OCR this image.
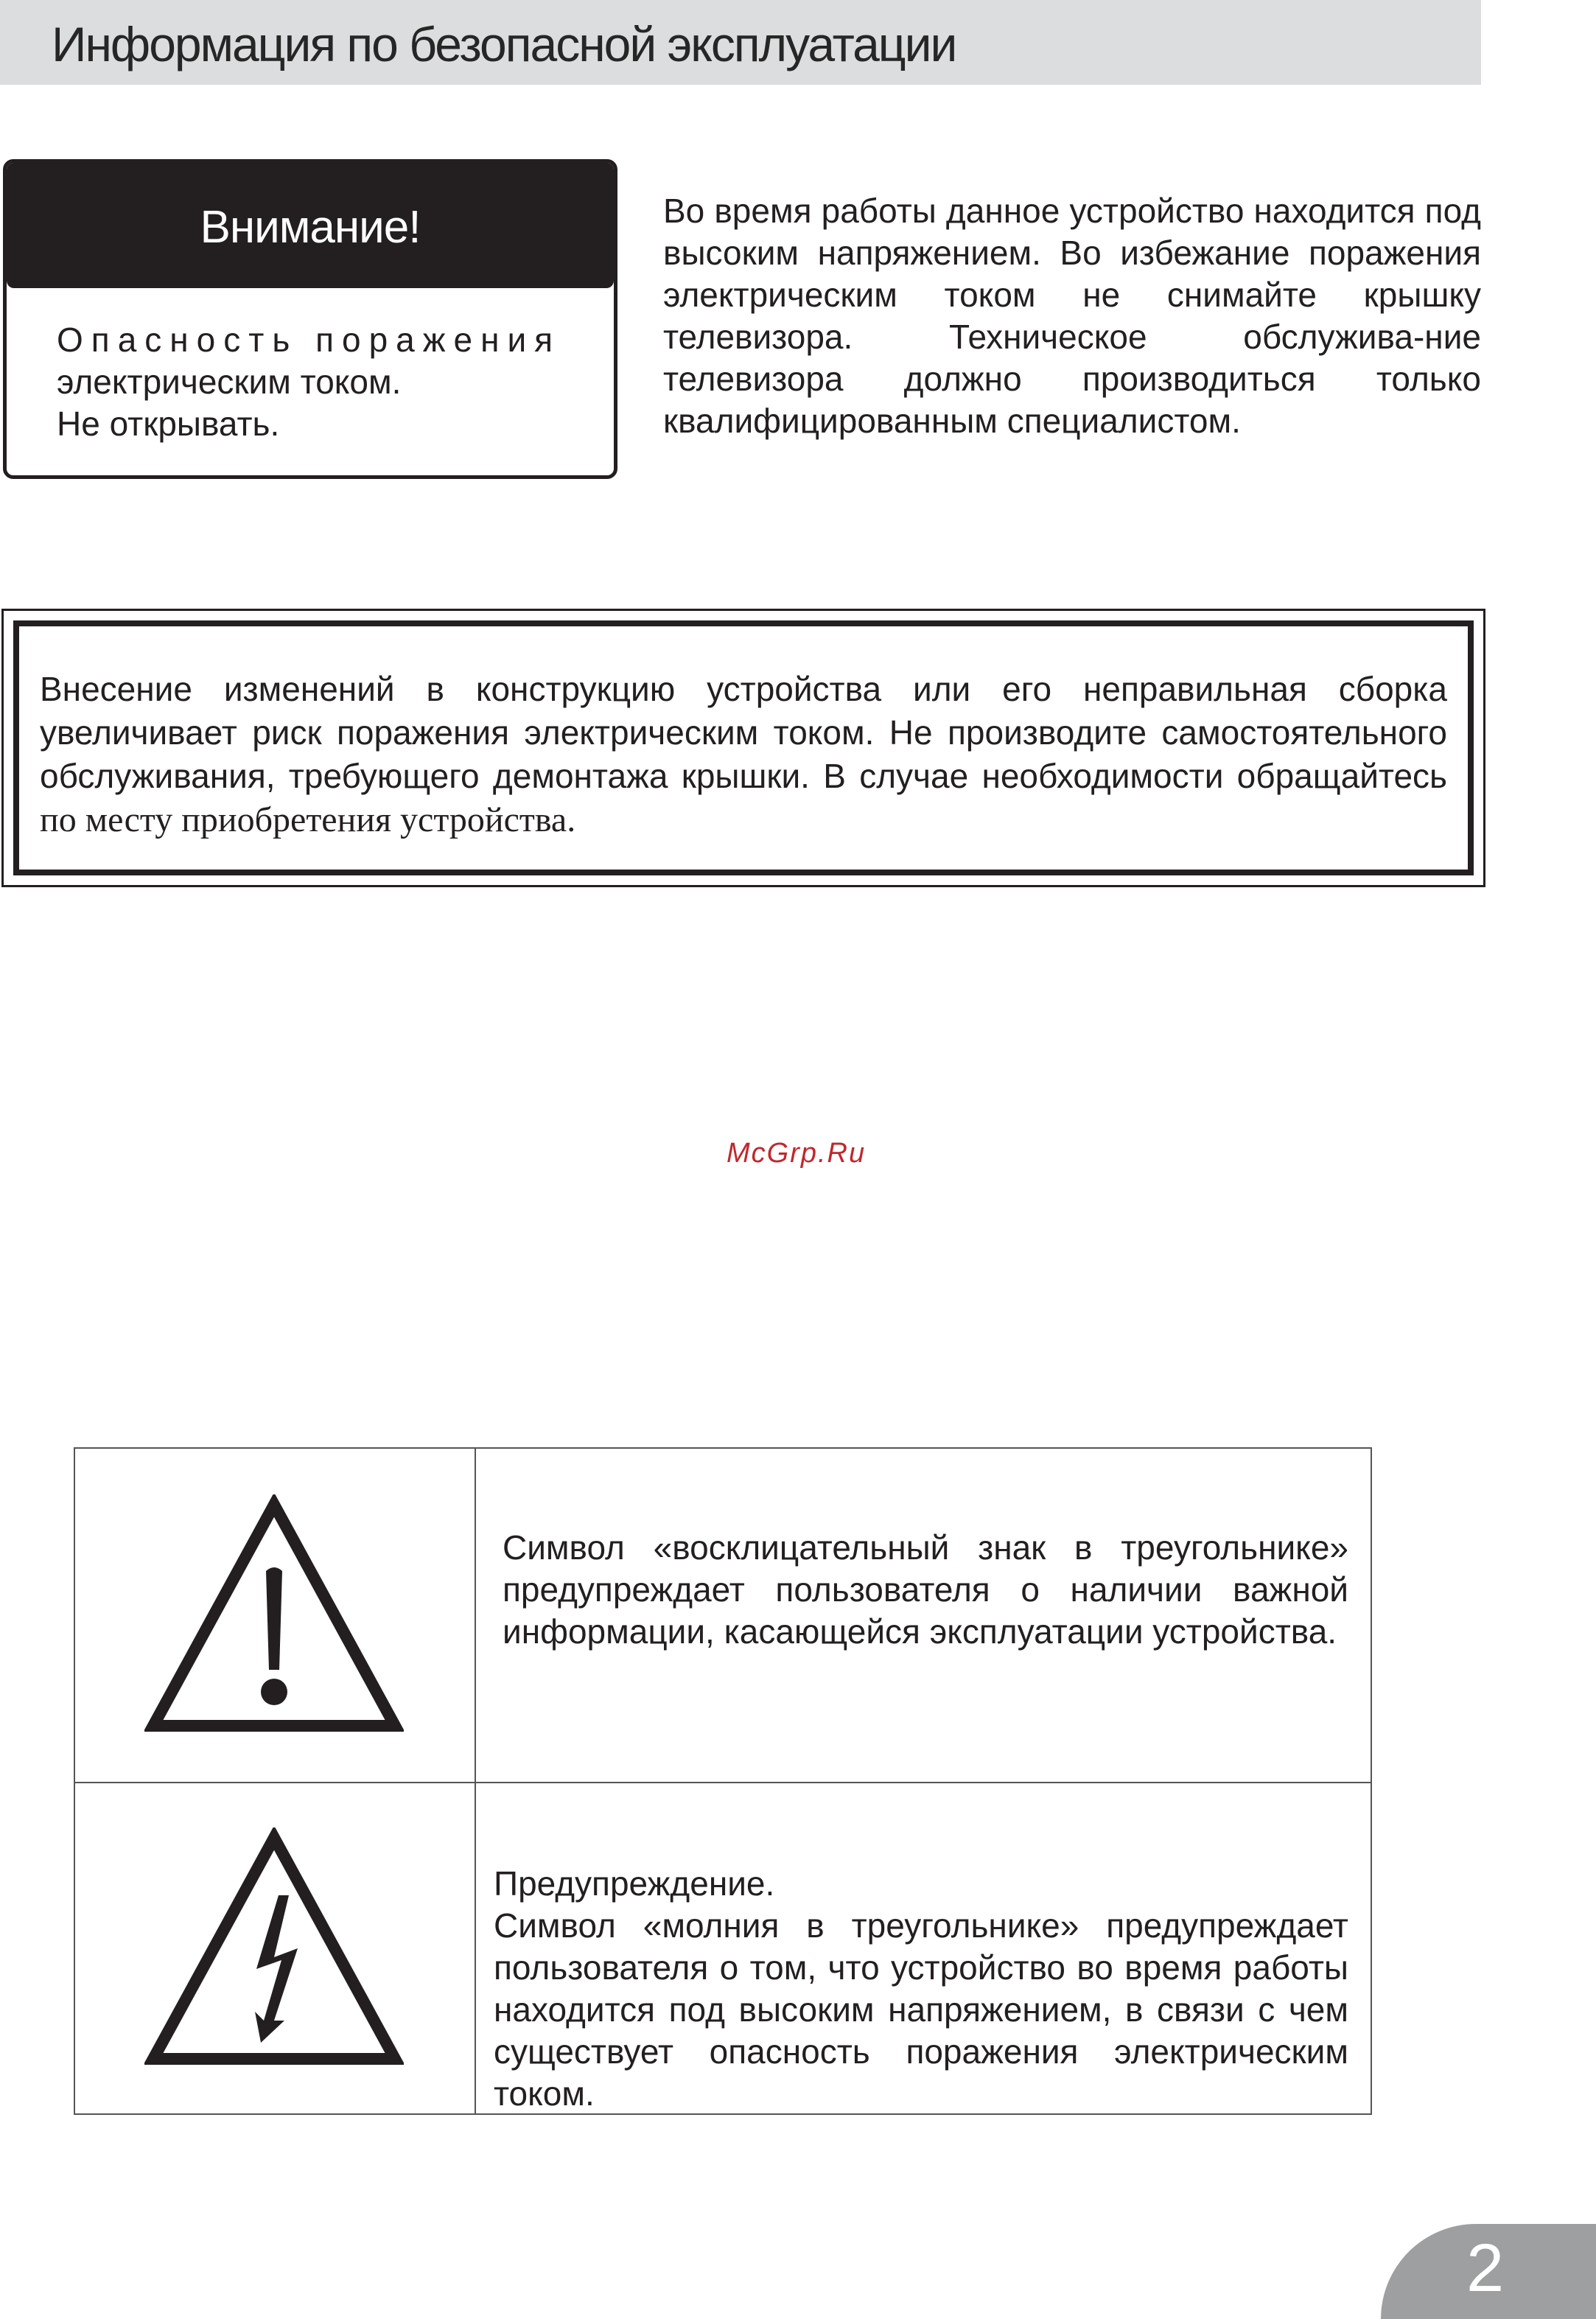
Информация по безопасной эксплуатации
Внимание!
Опасность поражения
электрическим током.
Не открывать.
Во время работы данное устройство находится под высоким напряжением. Во избежание поражения электрическим током не снимайте крышку телевизора. Техническое обслужива-ние телевизора должно производиться только квалифицированным специалистом.
Внесение изменений в конструкцию устройства или его неправильная сборка увеличивает риск поражения электрическим током. Не производите самостоятельного обслуживания, требующего демонтажа крышки. В случае необходимости обращайтесь по месту приобретения устройства.
McGrp.Ru
Символ «восклицательный знак в треугольнике» предупреждает пользователя о наличии важной информации, касающейся эксплуатации устройства.
Предупреждение.
Символ «молния в треугольнике» предупреждает пользователя о том, что устройство во время работы находится под высоким напряжением, в связи с чем существует опасность поражения электрическим током.
2
